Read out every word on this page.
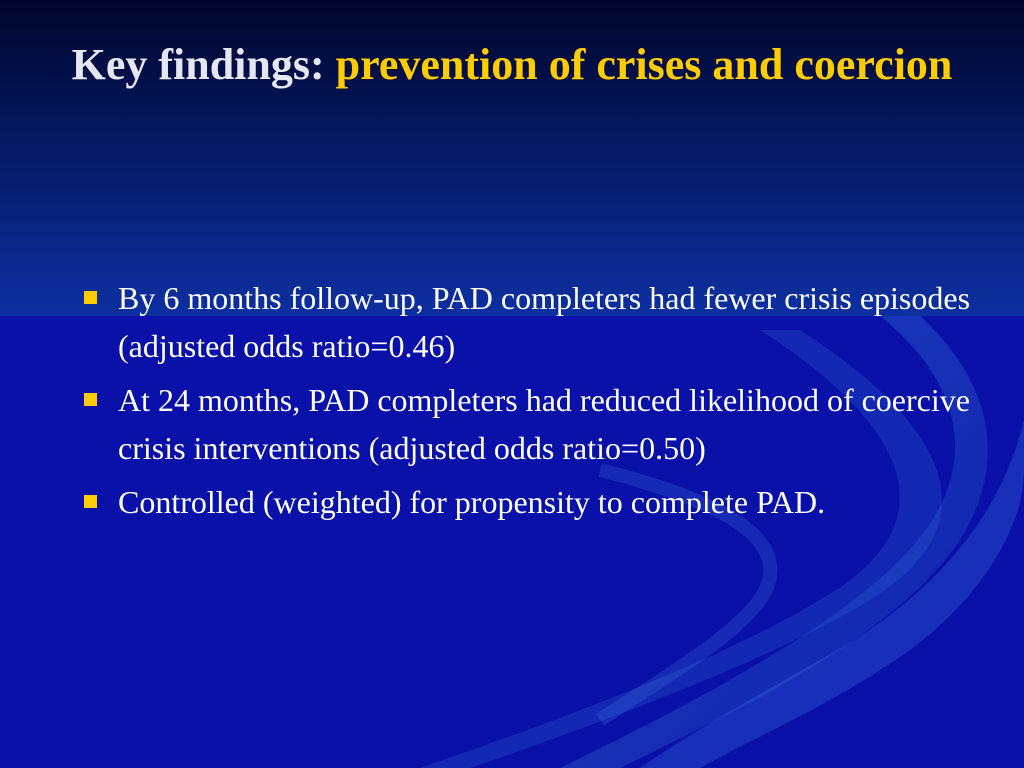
Key findings: prevention of crises and coercion
By 6 months follow-up, PAD completers had fewer crisis episodes (adjusted odds ratio=0.46)
At 24 months, PAD completers had reduced likelihood of coercive crisis interventions (adjusted odds ratio=0.50)
Controlled (weighted) for propensity to complete PAD.
